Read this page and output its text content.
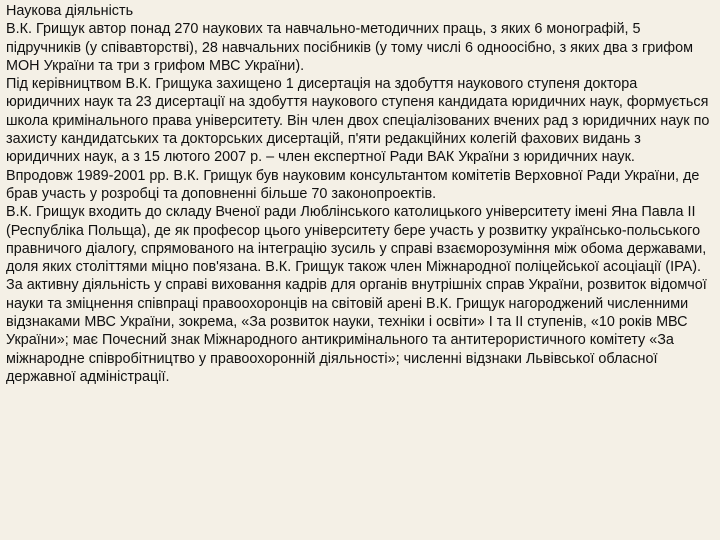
Наукова діяльність

В.К. Грищук автор понад 270 наукових та навчально-методичних праць, з яких 6 монографій, 5 підручників (у співавторстві), 28 навчальних посібників (у тому числі 6 одноосібно, з яких два з грифом МОН України та три з грифом МВС України).

Під керівництвом В.К. Грищука захищено 1 дисертація на здобуття наукового ступеня доктора юридичних наук та 23 дисертації на здобуття наукового ступеня кандидата юридичних наук, формується школа кримінального права університету. Він член двох спеціалізованих вчених рад з юридичних наук по захисту кандидатських та докторських дисертацій, п'яти редакційних колегій фахових видань з юридичних наук, а з 15 лютого 2007 р. – член експертної Ради ВАК України з юридичних наук.

Впродовж 1989-2001 рр. В.К. Грищук був науковим консультантом комітетів Верховної Ради України, де брав участь у розробці та доповненні більше 70 законопроектів.

В.К. Грищук входить до складу Вченої ради Люблінського католицького університету імені Яна Павла II (Республіка Польща), де як професор цього університету бере участь у розвитку українсько-польського правничого діалогу, спрямованого на інтеграцію зусиль у справі взаєморозуміння між обома державами, доля яких століттями міцно пов'язана. В.К. Грищук також член Міжнародної поліцейської асоціації (IPA).

За активну діяльність у справі виховання кадрів для органів внутрішніх справ України, розвиток відомчої науки та зміцнення співпраці правоохоронців на світовій арені В.К. Грищук нагороджений численними відзнаками МВС України, зокрема, «За розвиток науки, техніки і освіти» І та ІІ ступенів, «10 років МВС України»; має Почесний знак Міжнародного антикримінального та антитерористичного комітету «За міжнародне співробітництво у правоохоронній діяльності»; численні відзнаки Львівської обласної державної адміністрації.
